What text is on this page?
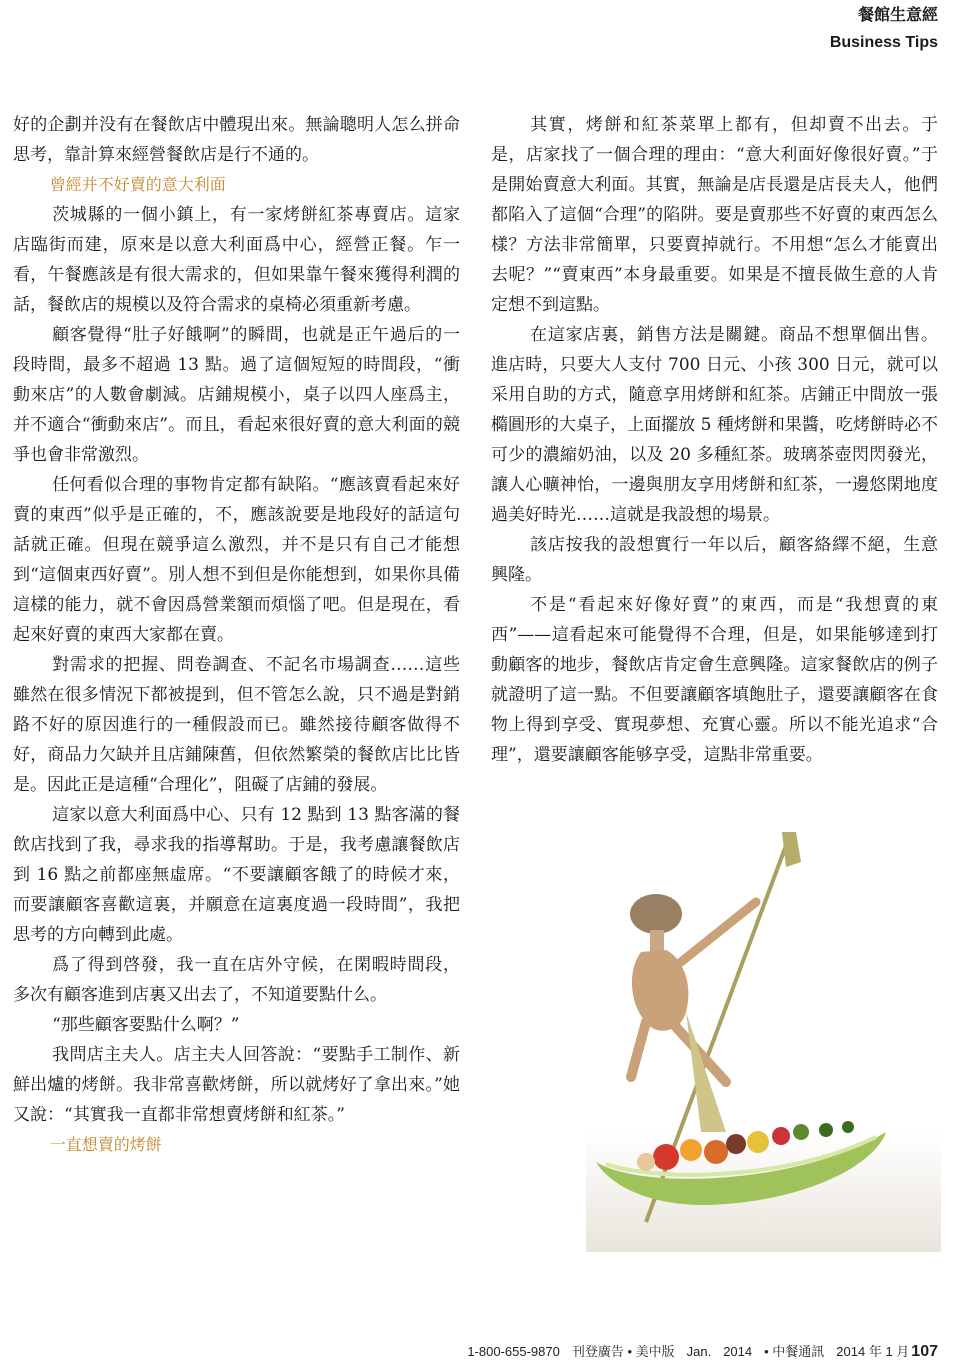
餐館生意經
Business Tips

好的企劃并没有在餐飲店中體現出來。無論聰明人怎么拼命思考，靠計算來經營餐飲店是行不通的。

曾經并不好賣的意大利面

茨城縣的一個小鎮上，有一家烤餅紅茶專賣店。這家店臨街而建，原來是以意大利面爲中心，經營正餐。乍一看，午餐應該是有很大需求的，但如果靠午餐來獲得利潤的話，餐飲店的規模以及符合需求的桌椅必須重新考慮。

顧客覺得“肚子好餓啊”的瞬間，也就是正午過后的一段時間，最多不超過 13 點。過了這個短短的時間段，“衝動來店”的人數會劇減。店鋪規模小，桌子以四人座爲主，并不適合“衝動來店”。而且，看起來很好賣的意大利面的競爭也會非常激烈。

任何看似合理的事物肯定都有缺陷。“應該賣看起來好賣的東西”似乎是正確的，不，應該說要是地段好的話這句話就正確。但現在競爭這么激烈，并不是只有自己才能想到“這個東西好賣”。別人想不到但是你能想到，如果你具備這樣的能力，就不會因爲營業額而煩惱了吧。但是現在，看起來好賣的東西大家都在賣。

對需求的把握、問卷調查、不記名市場調查……這些雖然在很多情況下都被提到，但不管怎么說，只不過是對銷路不好的原因進行的一種假設而已。雖然接待顧客做得不好，商品力欠缺并且店鋪陳舊，但依然繁榮的餐飲店比比皆是。因此正是這種“合理化”，阻礙了店鋪的發展。

這家以意大利面爲中心、只有 12 點到 13 點客滿的餐飲店找到了我，尋求我的指導幫助。于是，我考慮讓餐飲店到 16 點之前都座無虛席。“不要讓顧客餓了的時候才來，而要讓顧客喜歡這裏，并願意在這裏度過一段時間”，我把思考的方向轉到此處。

爲了得到啓發，我一直在店外守候，在閑暇時間段，多次有顧客進到店裏又出去了，不知道要點什么。

“那些顧客要點什么啊？”

我問店主夫人。店主夫人回答說：“要點手工制作、新鮮出爐的烤餅。我非常喜歡烤餅，所以就烤好了拿出來。”她又說：“其實我一直都非常想賣烤餅和紅茶。”

一直想賣的烤餅

其實，烤餅和紅茶菜單上都有，但却賣不出去。于是，店家找了一個合理的理由：“意大利面好像很好賣。”于是開始賣意大利面。其實，無論是店長還是店長夫人，他們都陷入了這個“合理”的陷阱。要是賣那些不好賣的東西怎么樣？方法非常簡單，只要賣掉就行。不用想“怎么才能賣出去呢？”“賣東西”本身最重要。如果是不擅長做生意的人肯定想不到這點。

在這家店裏，銷售方法是關鍵。商品不想單個出售。進店時，只要大人支付 700 日元、小孩 300 日元，就可以采用自助的方式，隨意享用烤餅和紅茶。店鋪正中間放一張橢圓形的大桌子，上面擺放 5 種烤餅和果醬，吃烤餅時必不可少的濃縮奶油，以及 20 多種紅茶。玻璃茶壺閃閃發光，讓人心曠神怡，一邊與朋友享用烤餅和紅茶，一邊悠閑地度過美好時光……這就是我設想的場景。

該店按我的設想實行一年以后，顧客絡繹不絕，生意興隆。

不是“看起來好像好賣”的東西，而是“我想賣的東西”——這看起來可能覺得不合理，但是，如果能够達到打動顧客的地步，餐飲店肯定會生意興隆。這家餐飲店的例子就證明了這一點。不但要讓顧客填飽肚子，還要讓顧客在食物上得到享受、實現夢想、充實心靈。所以不能光追求“合理”，還要讓顧客能够享受，這點非常重要。

1-800-655-9870 刊登廣告 • 美中版 Jan. 2014 • 中餐通訊 2014 年 1 月 107
